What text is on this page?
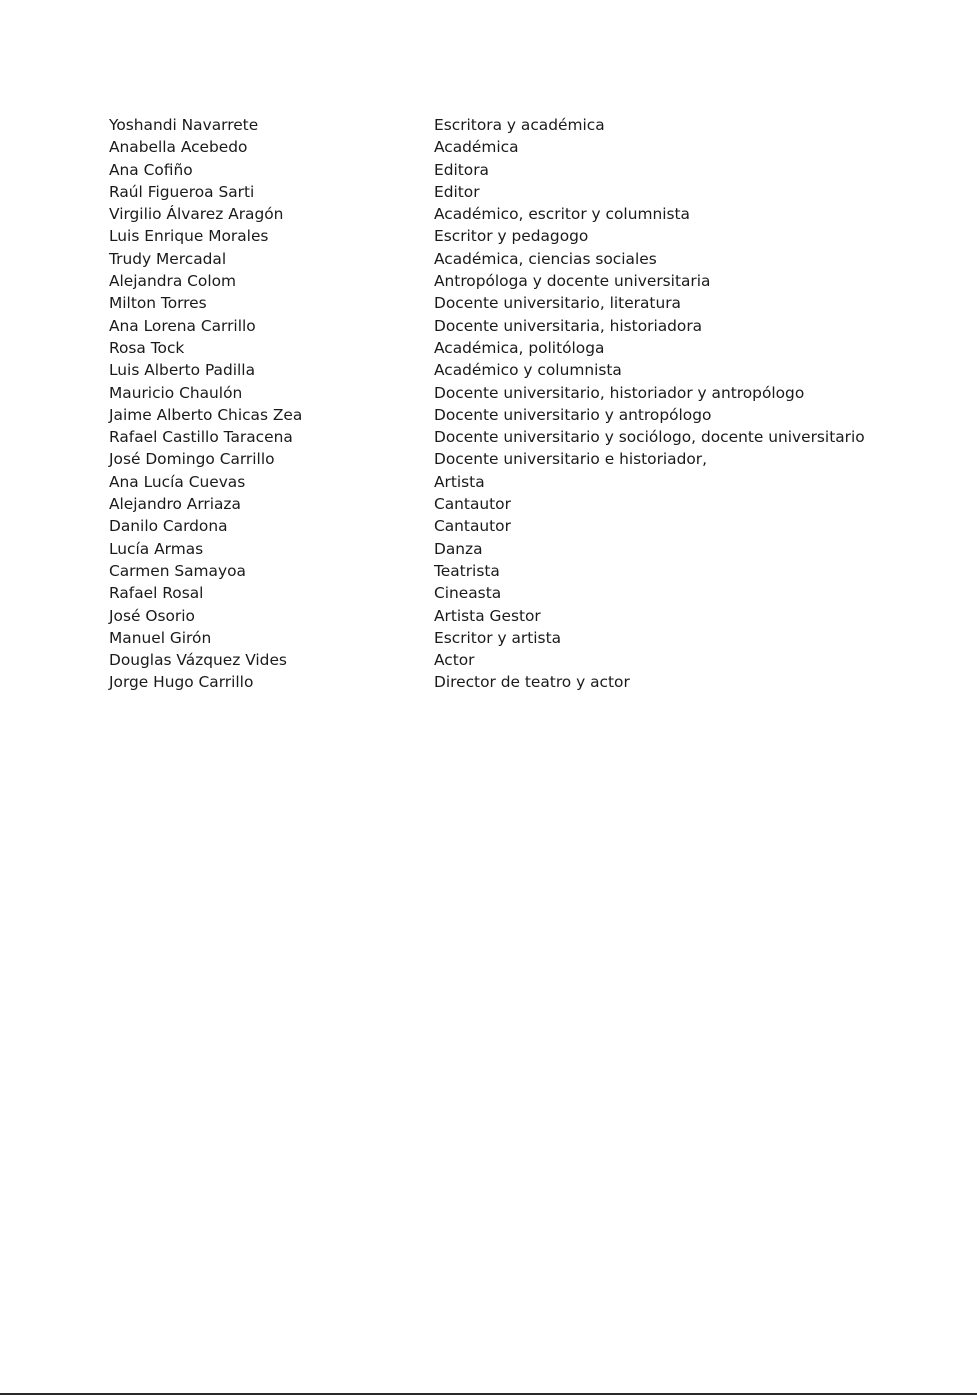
Yoshandi Navarrete	Escritora y académica
Anabella Acebedo	Académica
Ana Cofiño	Editora
Raúl Figueroa Sarti	Editor
Virgilio Álvarez Aragón	Académico, escritor y columnista
Luis Enrique Morales	Escritor y pedagogo
Trudy Mercadal	Académica, ciencias sociales
Alejandra Colom	Antropóloga y docente universitaria
Milton Torres	Docente universitario, literatura
Ana Lorena Carrillo	Docente universitaria, historiadora
Rosa Tock	Académica, politóloga
Luis Alberto Padilla	Académico y columnista
Mauricio Chaulón	Docente universitario, historiador y antropólogo
Jaime Alberto Chicas Zea	Docente universitario y antropólogo
Rafael Castillo Taracena	Docente universitario y sociólogo, docente universitario
José Domingo Carrillo	Docente universitario e historiador,
Ana Lucía Cuevas	Artista
Alejandro Arriaza	Cantautor
Danilo Cardona	Cantautor
Lucía Armas	Danza
Carmen Samayoa	Teatrista
Rafael Rosal	Cineasta
José Osorio	Artista Gestor
Manuel Girón	Escritor y artista
Douglas Vázquez Vides	Actor
Jorge Hugo Carrillo	Director de teatro y actor
